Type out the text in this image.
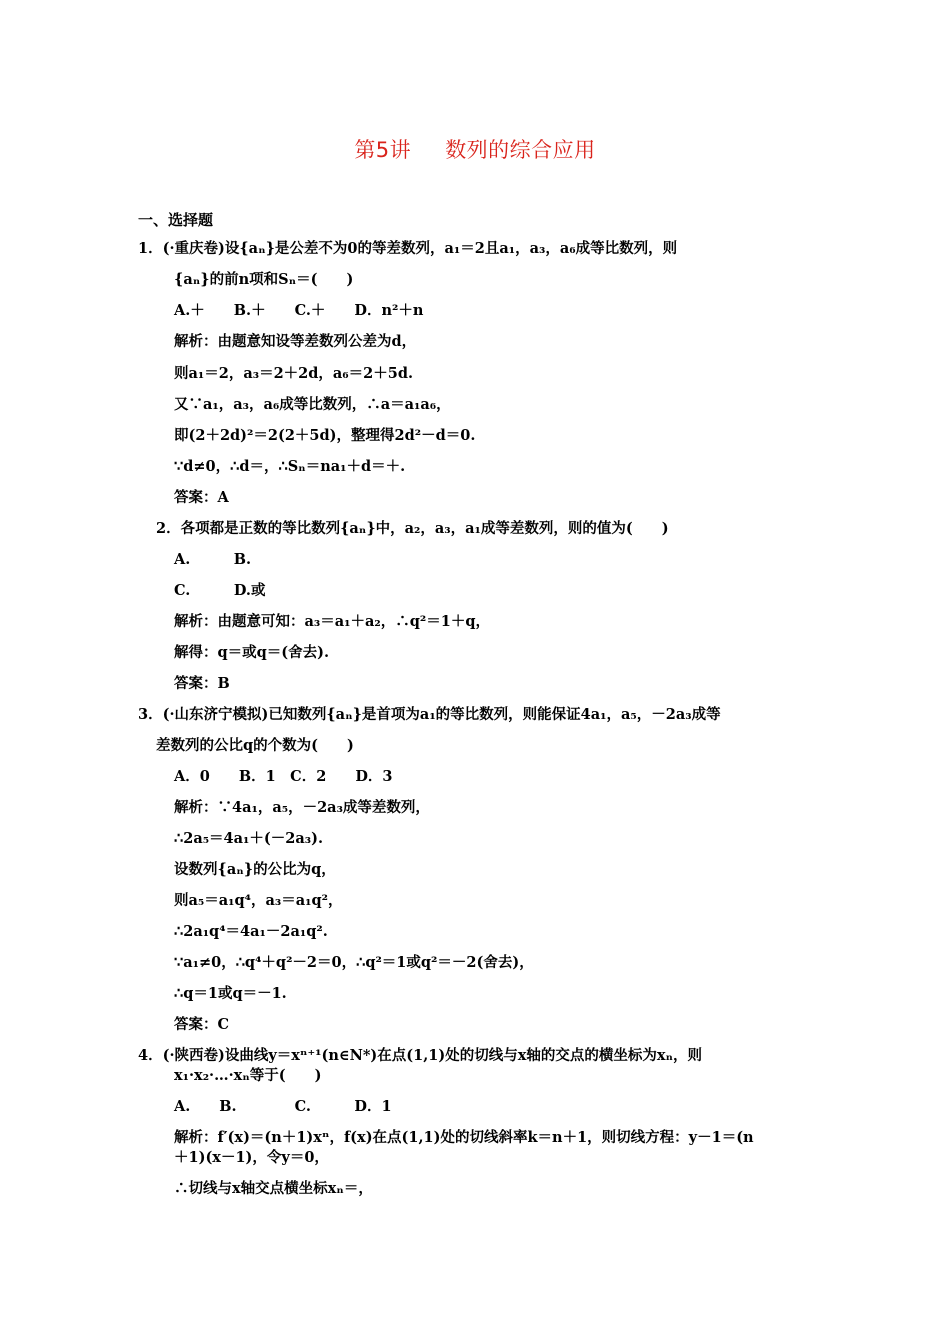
第5讲 数列的综合应用
一、选择题
1．(·重庆卷)设{aₙ}是公差不为0的等差数列，a₁＝2且a₁，a₃，a₆成等比数列，则
{aₙ}的前n项和Sₙ＝(　　)
A.＋　　B.＋　　C.＋　　D．n²＋n
解析：由题意知设等差数列公差为d，
则a₁＝2，a₃＝2＋2d，a₆＝2＋5d.
又∵a₁，a₃，a₆成等比数列，∴a＝a₁a₆，
即(2＋2d)²＝2(2＋5d)，整理得2d²－d＝0.
∵d≠0，∴d＝，∴Sₙ＝na₁＋d＝＋.
答案：A
2．各项都是正数的等比数列{aₙ}中，a₂，a₃，a₁成等差数列，则的值为(　　)
A.　　　B.
C.　　　D.或
解析：由题意可知：a₃＝a₁＋a₂，∴q²＝1＋q，
解得：q＝或q＝(舍去).
答案：B
3．(·山东济宁模拟)已知数列{aₙ}是首项为a₁的等比数列，则能保证4a₁，a₅，－2a₃成等
差数列的公比q的个数为(　　)
A．0　　B．1　C．2　　D．3
解析：∵4a₁，a₅，－2a₃成等差数列，
∴2a₅＝4a₁＋(－2a₃).
设数列{aₙ}的公比为q，
则a₅＝a₁q⁴，a₃＝a₁q²，
∴2a₁q⁴＝4a₁－2a₁q².
∵a₁≠0，∴q⁴＋q²－2＝0，∴q²＝1或q²＝－2(舍去)，
∴q＝1或q＝－1.
答案：C
4．(·陕西卷)设曲线y＝xⁿ⁺¹(n∈N*)在点(1,1)处的切线与x轴的交点的横坐标为xₙ，则
x₁·x₂·…·xₙ等于(　　)
A.　　B.　　　　C.　　　D．1
解析：f′(x)＝(n＋1)xⁿ，f(x)在点(1,1)处的切线斜率k＝n＋1，则切线方程：y－1＝(n
＋1)(x－1)，令y＝0，
∴切线与x轴交点横坐标xₙ＝，
